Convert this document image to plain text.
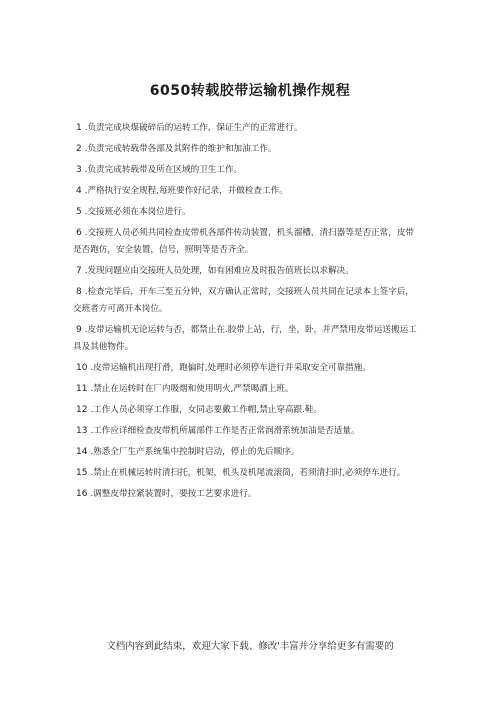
6050转载胶带运输机操作规程
1 .负责完成块煤破碎后的运转工作，保证生产的正常进行。
2 .负责完成转载带各部及其附件的维护和加油工作。
3 .负责完成转载带及所在区域的卫生工作。
4 .严格执行安全规程,每班要作好记录，并做检查工作。
5 .交接班必须在本岗位进行。
6 .交接班人员必须共同检查皮带机各部件传动装置，机头溜槽，清扫器等是否正常，皮带是否跑仿，安全装置，信号，照明等是否齐全。
7 .发现问题应由交接班人员处理，如有困难应及时报告值班长以求解决。
8 .检查完毕后，开车三至五分钟，双方确认正常时，交接班人员共同在记录本上签字后，交班者方可离开本岗位。
9 .皮带运输机无论运转与否，都禁止在.胶带上站，行，坐，卧，并严禁用皮带运送搬运工具及其他物件。
10 .皮带运输机出现打滑，跑偏时,处理时必须停车进行并采取安全可靠措施。
11 .禁止在运转时在厂内吸烟和使用明火,严禁喝酒上班。
12 .工作人员必须穿工作服，女同志要戴工作帽,禁止穿高跟.鞋。
13 .工作应详细检查皮带机所属部件工作是否正常润滑系统加油是否适量。
14 .熟悉全厂生产系统集中控制时启动，停止的先后顺序。
15 .禁止在机械运转时清扫托，机架，机头及机尾流滚筒，若须清扫时,必须停车进行。
16 .调整皮带拉紧装置时，要按工艺要求进行。
文档内容到此结束，欢迎大家下载、修改'丰富并分享给更多有需要的
